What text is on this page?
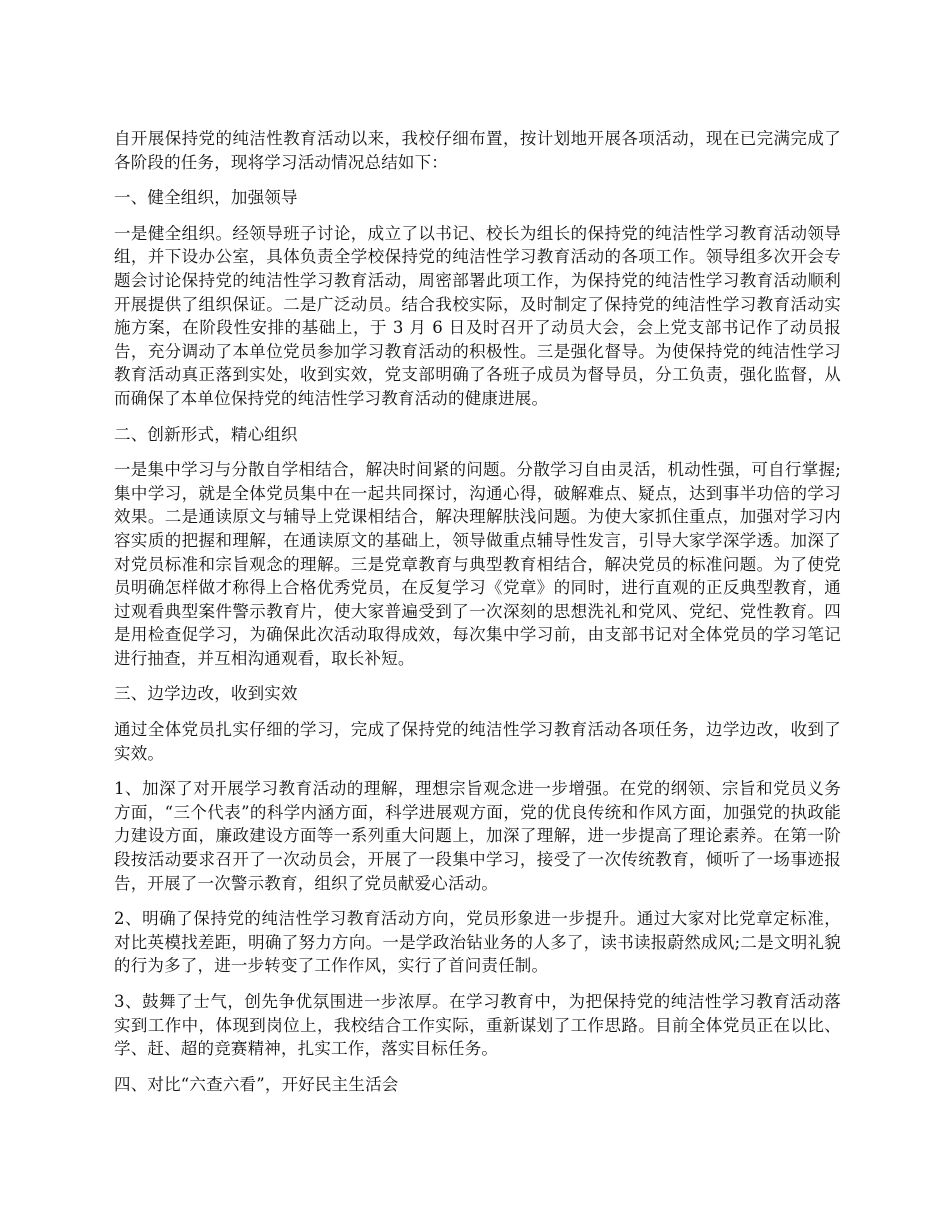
自开展保持党的纯洁性教育活动以来，我校仔细布置，按计划地开展各项活动，现在已完满完成了各阶段的任务，现将学习活动情况总结如下：

一、健全组织，加强领导

一是健全组织。经领导班子讨论，成立了以书记、校长为组长的保持党的纯洁性学习教育活动领导组，并下设办公室，具体负责全学校保持党的纯洁性学习教育活动的各项工作。领导组多次开会专题会讨论保持党的纯洁性学习教育活动，周密部署此项工作，为保持党的纯洁性学习教育活动顺利开展提供了组织保证。二是广泛动员。结合我校实际，及时制定了保持党的纯洁性学习教育活动实施方案，在阶段性安排的基础上，于 3 月 6 日及时召开了动员大会，会上党支部书记作了动员报告，充分调动了本单位党员参加学习教育活动的积极性。三是强化督导。为使保持党的纯洁性学习教育活动真正落到实处，收到实效，党支部明确了各班子成员为督导员，分工负责，强化监督，从而确保了本单位保持党的纯洁性学习教育活动的健康进展。

二、创新形式，精心组织

一是集中学习与分散自学相结合，解决时间紧的问题。分散学习自由灵活，机动性强，可自行掌握;集中学习，就是全体党员集中在一起共同探讨，沟通心得，破解难点、疑点，达到事半功倍的学习效果。二是通读原文与辅导上党课相结合，解决理解肤浅问题。为使大家抓住重点，加强对学习内容实质的把握和理解，在通读原文的基础上，领导做重点辅导性发言，引导大家学深学透。加深了对党员标准和宗旨观念的理解。三是党章教育与典型教育相结合，解决党员的标准问题。为了使党员明确怎样做才称得上合格优秀党员，在反复学习《党章》的同时，进行直观的正反典型教育，通过观看典型案件警示教育片，使大家普遍受到了一次深刻的思想洗礼和党风、党纪、党性教育。四是用检查促学习，为确保此次活动取得成效，每次集中学习前，由支部书记对全体党员的学习笔记进行抽查，并互相沟通观看，取长补短。

三、边学边改，收到实效

通过全体党员扎实仔细的学习，完成了保持党的纯洁性学习教育活动各项任务，边学边改，收到了实效。

1、加深了对开展学习教育活动的理解，理想宗旨观念进一步增强。在党的纲领、宗旨和党员义务方面，“三个代表”的科学内涵方面，科学进展观方面，党的优良传统和作风方面，加强党的执政能力建设方面，廉政建设方面等一系列重大问题上，加深了理解，进一步提高了理论素养。在第一阶段按活动要求召开了一次动员会，开展了一段集中学习，接受了一次传统教育，倾听了一场事迹报告，开展了一次警示教育，组织了党员献爱心活动。

2、明确了保持党的纯洁性学习教育活动方向，党员形象进一步提升。通过大家对比党章定标准，对比英模找差距，明确了努力方向。一是学政治钻业务的人多了，读书读报蔚然成风;二是文明礼貌的行为多了，进一步转变了工作作风，实行了首问责任制。

3、鼓舞了士气，创先争优氛围进一步浓厚。在学习教育中，为把保持党的纯洁性学习教育活动落实到工作中，体现到岗位上，我校结合工作实际，重新谋划了工作思路。目前全体党员正在以比、学、赶、超的竞赛精神，扎实工作，落实目标任务。

四、对比“六查六看”，开好民主生活会
